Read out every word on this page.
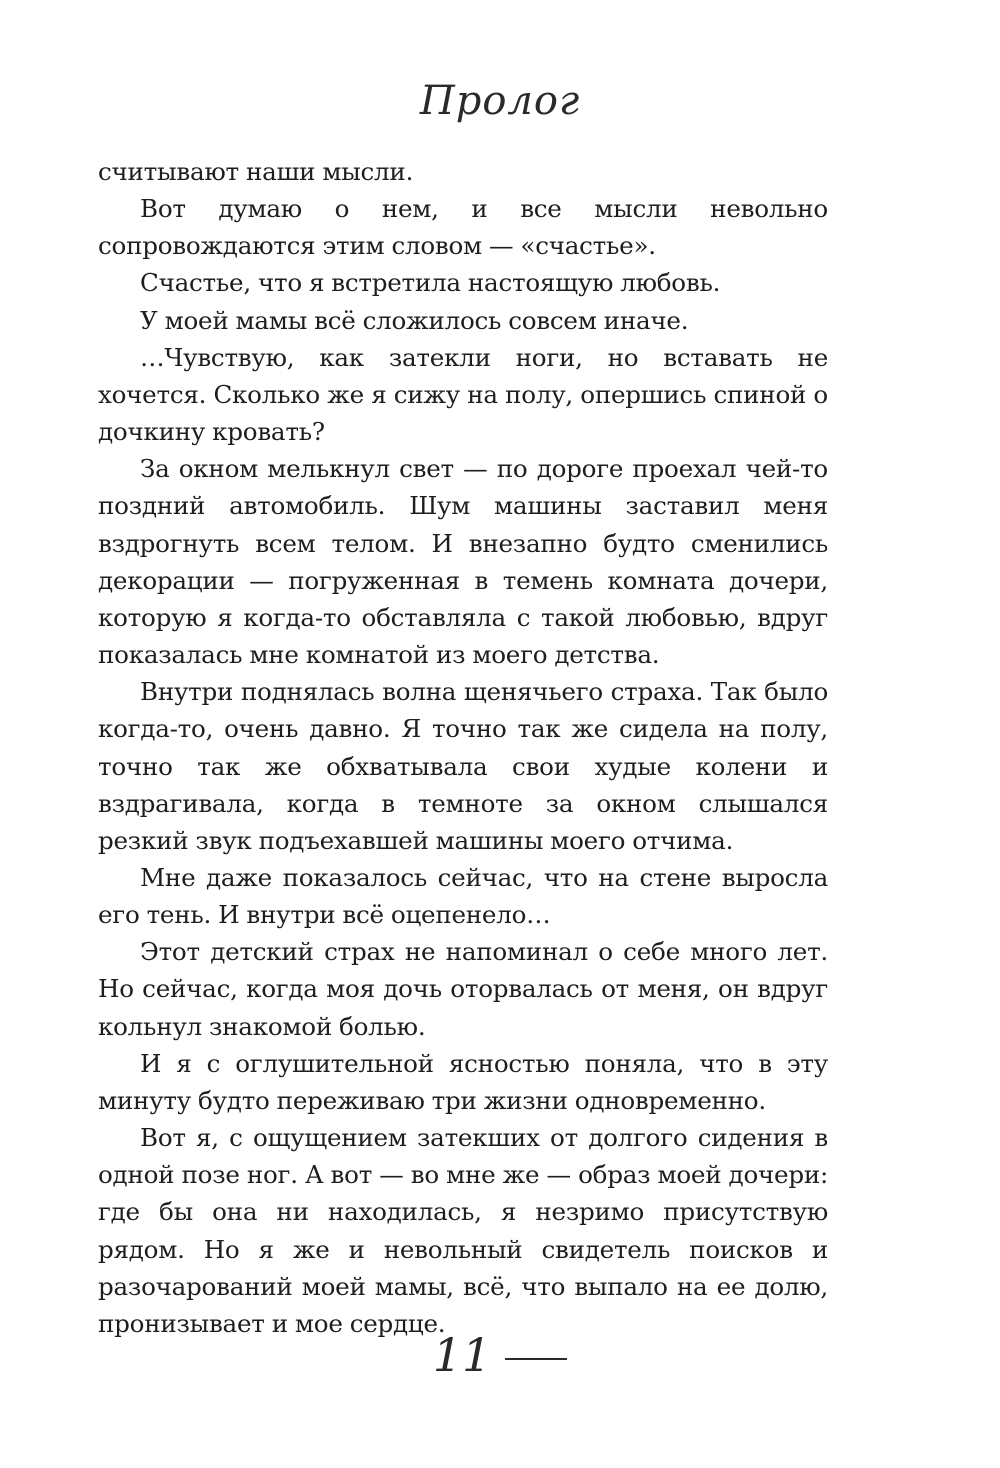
Пролог

считывают наши мысли.

Вот думаю о нем, и все мысли невольно сопровождаются этим словом — «счастье».

Счастье, что я встретила настоящую любовь.

У моей мамы всё сложилось совсем иначе.

…Чувствую, как затекли ноги, но вставать не хочется. Сколько же я сижу на полу, опершись спиной о дочкину кровать?

За окном мелькнул свет — по дороге проехал чей-то поздний автомобиль. Шум машины заставил меня вздрогнуть всем телом. И внезапно будто сменились декорации — погруженная в темень комната дочери, которую я когда-то обставляла с такой любовью, вдруг показалась мне комнатой из моего детства.

Внутри поднялась волна щенячьего страха. Так было когда-то, очень давно. Я точно так же сидела на полу, точно так же обхватывала свои худые колени и вздрагивала, когда в темноте за окном слышался резкий звук подъехавшей машины моего отчима.

Мне даже показалось сейчас, что на стене выросла его тень. И внутри всё оцепенело…

Этот детский страх не напоминал о себе много лет. Но сейчас, когда моя дочь оторвалась от меня, он вдруг кольнул знакомой болью.

И я с оглушительной ясностью поняла, что в эту минуту будто переживаю три жизни одновременно.

Вот я, с ощущением затекших от долгого сидения в одной позе ног. А вот — во мне же — образ моей дочери: где бы она ни находилась, я незримо присутствую рядом. Но я же и невольный свидетель поисков и разочарований моей мамы, всё, что выпало на ее долю, пронизывает и мое сердце.

11
